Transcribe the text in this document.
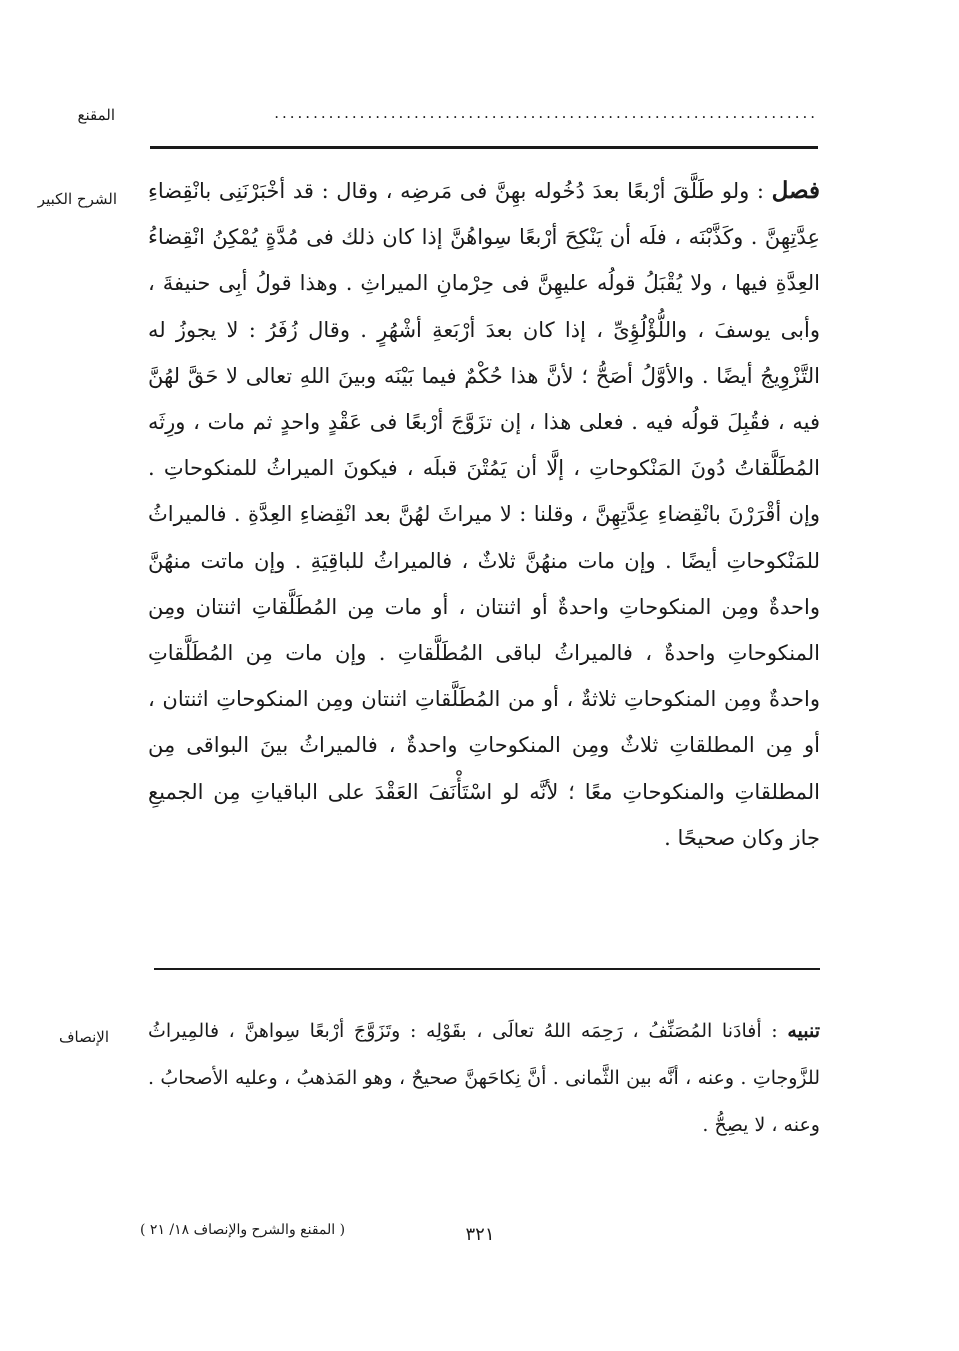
المقنع	......................................................................
الشرح الكبير	فصل : ولو طَلَّقَ أرْبعًا بعدَ دُخُوله بهِنَّ فى مَرضِه ، وقال : قد أخْبَرْنَنِى بانْقِضاءِ عِدَّتِهِنَّ . وكَذَّبْنَه ، فلَه أن يَنْكِحَ أرْبعًا سِواهُنَّ إذا كان ذلك فى مُدَّةٍ يُمْكِنُ انْقِضاءُ العِدَّةِ فيها ، ولا يُقْبَلُ قولُه عليهِنَّ فى حِرْمانِ الميراثِ . وهذا قولُ أبِى حنيفةَ ، وأبى يوسفَ ، واللُّؤْلُؤِىِّ ، إذا كان بعدَ أرْبَعةِ أشْهُرٍ . وقال زُفَرُ : لا يجوزُ له التَّزْوِيجُ أيضًا . والأوَّلُ أصَحُّ ؛ لأنَّ هذا حُكْمٌ فيما بَيْنَه وبينَ اللهِ تعالى لا حَقَّ لهُنَّ فيه ، فقُبِلَ قولُه فيه . فعلى هذا ، إن تزَوَّجَ أرْبعًا فى عَقْدٍ واحدٍ ثم مات ، ورِثَه المُطَلَّقاتُ دُونَ المَنْكوحاتِ ، إلَّا أن يَمُتْنَ قبلَه ، فيكونَ الميراثُ للمنكوحاتِ . وإن أقْرَرْنَ بانْقِضاءِ عِدَّتِهِنَّ ، وقلنا : لا ميراثَ لهُنَّ بعد انْقِضاءِ العِدَّةِ . فالميراثُ للمَنْكوحاتِ أيضًا . وإن مات منهُنَّ ثلاثٌ ، فالميراثُ للباقِيَةِ . وإن ماتت منهُنَّ واحدةٌ ومِن المنكوحاتِ واحدةٌ أو اثنتان ، أو مات مِن المُطَلَّقاتِ اثنتان ومِن المنكوحاتِ واحدةٌ ، فالميراثُ لباقى المُطَلَّقاتِ . وإن مات مِن المُطَلَّقاتِ واحدةٌ ومِن المنكوحاتِ ثلاثةٌ ، أو من المُطَلَّقاتِ اثنتان ومِن المنكوحاتِ اثنتان ، أو مِن المطلقاتِ ثلاثٌ ومِن المنكوحاتِ واحدةٌ ، فالميراثُ بينَ البواقى مِن المطلقاتِ والمنكوحاتِ معًا ؛ لأنَّه لو اسْتَأْنَفَ العَقْدَ على الباقياتِ مِن الجميعِ جاز وكان صحيحًا .
الإنصاف	تنبيه : أفادَنا المُصَنِّفُ ، رَحِمَه اللهُ تعالَى ، بقَوْلِه : وتَزَوَّجَ أرْبعًا سِواهنَّ ، فالمِيراثُ للزَّوجاتِ . وعنه ، أنَّه بين الثَّمانى . أنَّ نِكاحَهنَّ صحيحٌ ، وهو المَذهبُ ، وعليه الأصحابُ . وعنه ، لا يصِحُّ .
٣٢١
( المقنع والشرح والإنصاف ١٨/ ٢١ )
